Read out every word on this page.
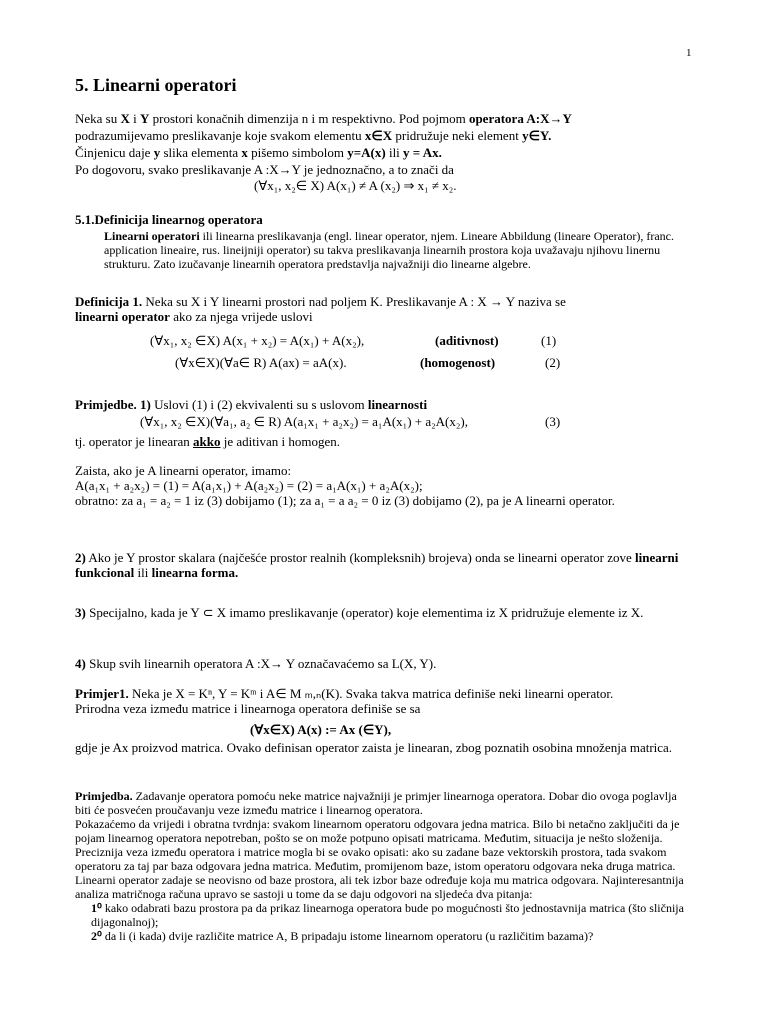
1
5. Linearni operatori
Neka su X i Y prostori konačnih dimenzija n i m respektivno. Pod pojmom operatora A:X→Y
podrazumijevamo preslikavanje koje svakom elementu x∈X pridružuje neki element y∈Y.
Činjenicu daje y slika elementa x pišemo simbolom y=A(x) ili y = Ax.
Po dogovoru, svako preslikavanje A :X→Y je jednoznačno, a to znači da
(∀x₁, x₂∈ X) A(x₁) ≠ A (x₂) ⇒ x₁ ≠ x₂.
5.1.Definicija linearnog operatora
Linearni operatori ili linearna preslikavanja (engl. linear operator, njem. Lineare Abbildung (lineare Operator), franc. application lineaire, rus. lineijniji operator) su takva preslikavanja linearnih prostora koja uvažavaju njihovu linernu strukturu. Zato izučavanje linearnih operatora predstavlja najvažniji dio linearne algebre.
Definicija 1. Neka su X i Y linearni prostori nad poljem K. Preslikavanje A : X → Y naziva se
linearni operator ako za njega vrijede uslovi
(∀x₁, x₂ ∈X) A(x₁ + x₂) = A(x₁) + A(x₂),	(aditivnost)	(1)
(∀x∈X)(∀a∈ R) A(ax) = aA(x).	(homogenost)	(2)
Primjedbe. 1) Uslovi (1) i (2) ekvivalenti su s uslovom linearnosti
(∀x₁, x₂ ∈X)(∀a₁, a₂ ∈ R) A(a₁x₁ + a₂x₂) = a₁A(x₁) + a₂A(x₂),	(3)
tj. operator je linearan akko je aditivan i homogen.
Zaista, ako je A linearni operator, imamo:
A(a₁x₁ + a₂x₂) = (1) = A(a₁x₁) + A(a₂x₂) = (2) = a₁A(x₁) + a₂A(x₂);
obratno: za a₁ = a₂ = 1 iz (3) dobijamo (1); za a₁ = a a₂ = 0 iz (3) dobijamo (2), pa je A linearni operator.
2) Ako je Y prostor skalara (najčešće prostor realnih (kompleksnih) brojeva) onda se linearni operator zove linearni funkcional ili linearna forma.
3) Specijalno, kada je Y ⊂ X imamo preslikavanje (operator) koje elementima iz X pridružuje elemente iz X.
4) Skup svih linearnih operatora A :X→ Y označavaćemo sa L(X, Y).
Primjer1. Neka je X = Kⁿ, Y = Kᵐ i A∈ M ₘ,ₙ(K). Svaka takva matrica definiše neki linearni operator.
Prirodna veza između matrice i linearnoga operatora definiše se sa
(∀x∈X) A(x) := Ax (∈Y),
gdje je Ax proizvod matrica. Ovako definisan operator zaista je linearan, zbog poznatih osobina množenja matrica.
Primjedba. Zadavanje operatora pomoću neke matrice najvažniji je primjer linearnoga operatora. Dobar dio ovoga poglavlja biti će posvećen proučavanju veze između matrice i linearnog operatora.
Pokazaćemo da vrijedi i obratna tvrdnja: svakom linearnom operatoru odgovara jedna matrica. Bilo bi netačno zaključiti da je pojam linearnog operatora nepotreban, pošto se on može potpuno opisati matricama. Međutim, situacija je nešto složenija. Preciznija veza između operatora i matrice mogla bi se ovako opisati: ako su zadane baze vektorskih prostora, tada svakom operatoru za taj par baza odgovara jedna matrica. Međutim, promijenom baze, istom operatoru odgovara neka druga matrica.
Linearni operator zadaje se neovisno od baze prostora, ali tek izbor baze određuje koja mu matrica odgovara. Najinteresantnija analiza matričnoga računa upravo se sastoji u tome da se daju odgovori na sljedeća dva pitanja:
1⁰ kako odabrati bazu prostora pa da prikaz linearnoga operatora bude po mogućnosti što jednostavnija matrica (što sličnija dijagonalnoj);
2⁰ da li (i kada) dvije različite matrice A, B pripadaju istome linearnom operatoru (u različitim bazama)?
